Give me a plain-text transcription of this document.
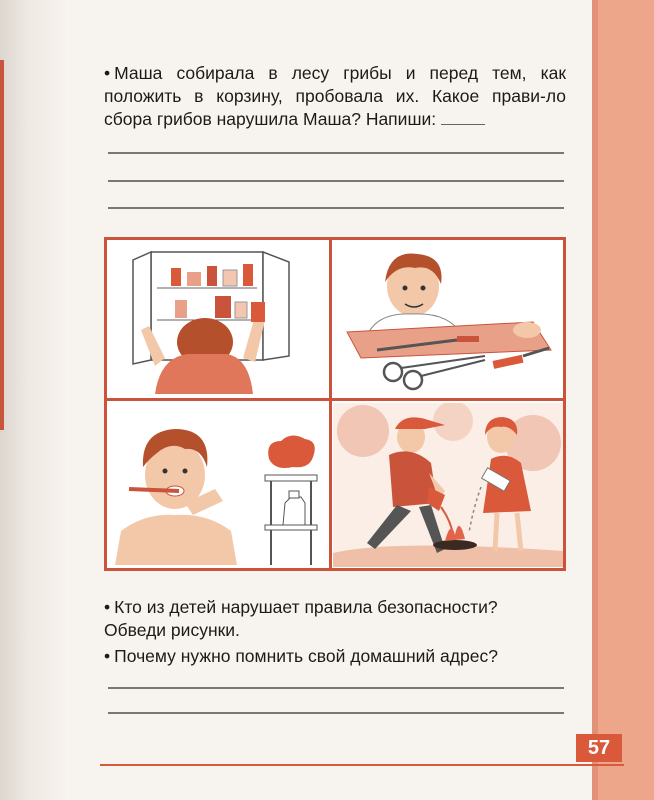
• Маша собирала в лесу грибы и перед тем, как положить в корзину, пробовала их. Какое прави-ло сбора грибов нарушила Маша? Напиши:
• Кто из детей нарушает правила безопасности?
Обведи рисунки.
• Почему нужно помнить свой домашний адрес?
57
